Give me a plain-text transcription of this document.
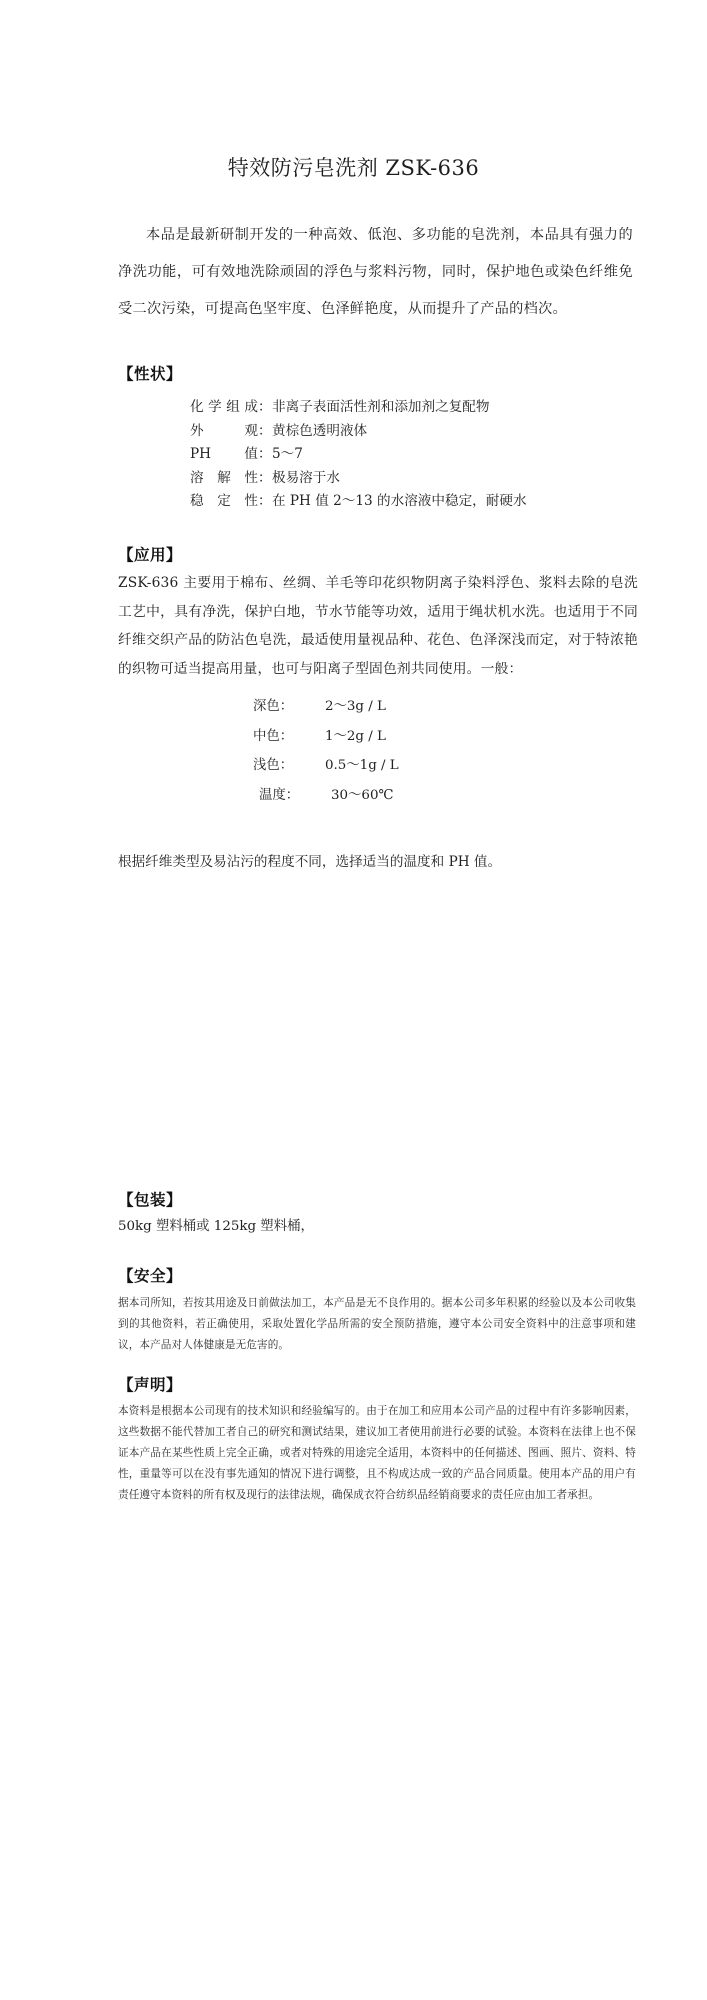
特效防污皂洗剂 ZSK-636

本品是最新研制开发的一种高效、低泡、多功能的皂洗剂，本品具有强力的净洗功能，可有效地洗除顽固的浮色与浆料污物，同时，保护地色或染色纤维免受二次污染，可提高色坚牢度、色泽鲜艳度，从而提升了产品的档次。

【性状】
化 学 组 成 ： 非离子表面活性剂和添加剂之复配物
外	观 ： 黄棕色透明液体
PH 值 ： 5～7
溶 解 性 ： 极易溶于水
稳 定 性 ： 在 PH 值 2～13 的水溶液中稳定，耐硬水
【应用】
ZSK-636 主要用于棉布、丝绸、羊毛等印花织物阴离子染料浮色、浆料去除的皂洗工艺中，具有净洗，保护白地，节水节能等功效，适用于绳状机水洗。也适用于不同纤维交织产品的防沾色皂洗，最适使用量视品种、花色、色泽深浅而定，对于特浓艳的织物可适当提高用量，也可与阳离子型固色剂共同使用。一般：
深色：	2～3g / L
中色：	1～2g / L
浅色：	0.5～1g / L
温度：	30～60℃
根据纤维类型及易沾污的程度不同，选择适当的温度和 PH 值。
【包装】
50kg 塑料桶或 125kg 塑料桶，
【安全】
据本司所知，若按其用途及日前做法加工，本产品是无不良作用的。据本公司多年积累的经验以及本公司收集到的其他资料，若正确使用，采取处置化学品所需的安全预防措施，遵守本公司安全资料中的注意事项和建议，本产品对人体健康是无危害的。
【声明】
本资料是根据本公司现有的技术知识和经验编写的。由于在加工和应用本公司产品的过程中有许多影响因素，这些数据不能代替加工者自己的研究和测试结果，建议加工者使用前进行必要的试验。本资料在法律上也不保证本产品在某些性质上完全正确，或者对特殊的用途完全适用，本资料中的任何描述、图画、照片、资料、特性，重量等可以在没有事先通知的情况下进行调整，且不构成达成一致的产品合同质量。使用本产品的用户有责任遵守本资料的所有权及现行的法律法规，确保成衣符合纺织品经销商要求的责任应由加工者承担。
